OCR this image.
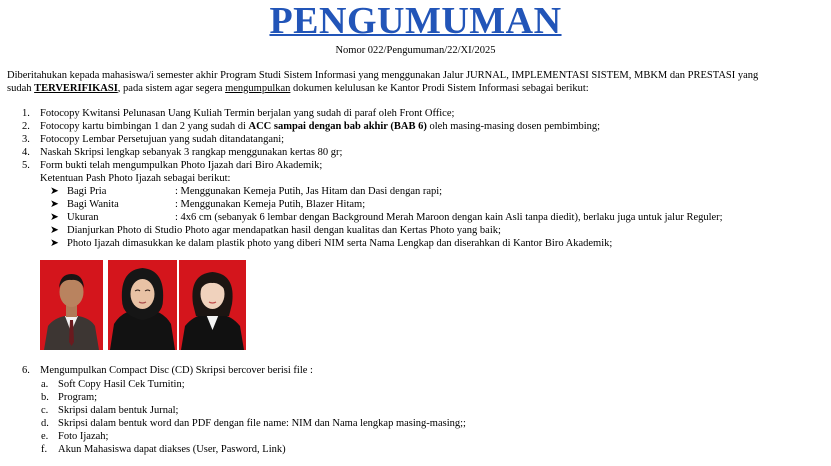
PENGUMUMAN
Nomor 022/Pengumuman/22/XI/2025
Diberitahukan kepada mahasiswa/i semester akhir Program Studi Sistem Informasi yang menggunakan Jalur JURNAL, IMPLEMENTASI SISTEM, MBKM dan PRESTASI yang
sudah TERVERIFIKASI, pada sistem agar segera mengumpulkan dokumen kelulusan ke Kantor Prodi Sistem Informasi sebagai berikut:
1. Fotocopy Kwitansi Pelunasan Uang Kuliah Termin berjalan yang sudah di paraf oleh Front Office;
2. Fotocopy kartu bimbingan 1 dan 2 yang sudah di ACC sampai dengan bab akhir (BAB 6) oleh masing-masing dosen pembimbing;
3. Fotocopy Lembar Persetujuan yang sudah ditandatangani;
4. Naskah Skripsi lengkap sebanyak 3 rangkap menggunakan kertas 80 gr;
5. Form bukti telah mengumpulkan Photo Ijazah dari Biro Akademik;
Ketentuan Pash Photo Ijazah sebagai berikut:
➤ Bagi Pria	: Menggunakan Kemeja Putih, Jas Hitam dan Dasi dengan rapi;
➤ Bagi Wanita	: Menggunakan Kemeja Putih, Blazer Hitam;
➤ Ukuran	: 4x6 cm (sebanyak 6 lembar dengan Background Merah Maroon dengan kain Asli tanpa diedit), berlaku juga untuk jalur Reguler;
➤ Dianjurkan Photo di Studio Photo agar mendapatkan hasil dengan kualitas dan Kertas Photo yang baik;
➤ Photo Ijazah dimasukkan ke dalam plastik photo yang diberi NIM serta Nama Lengkap dan diserahkan di Kantor Biro Akademik;
6. Mengumpulkan Compact Disc (CD) Skripsi bercover berisi file :
a. Soft Copy Hasil Cek Turnitin;
b. Program;
c. Skripsi dalam bentuk Jurnal;
d. Skripsi dalam bentuk word dan PDF dengan file name: NIM dan Nama lengkap masing-masing;;
e. Foto Ijazah;
f.	Akun Mahasiswa dapat diakses (User, Pasword, Link)
